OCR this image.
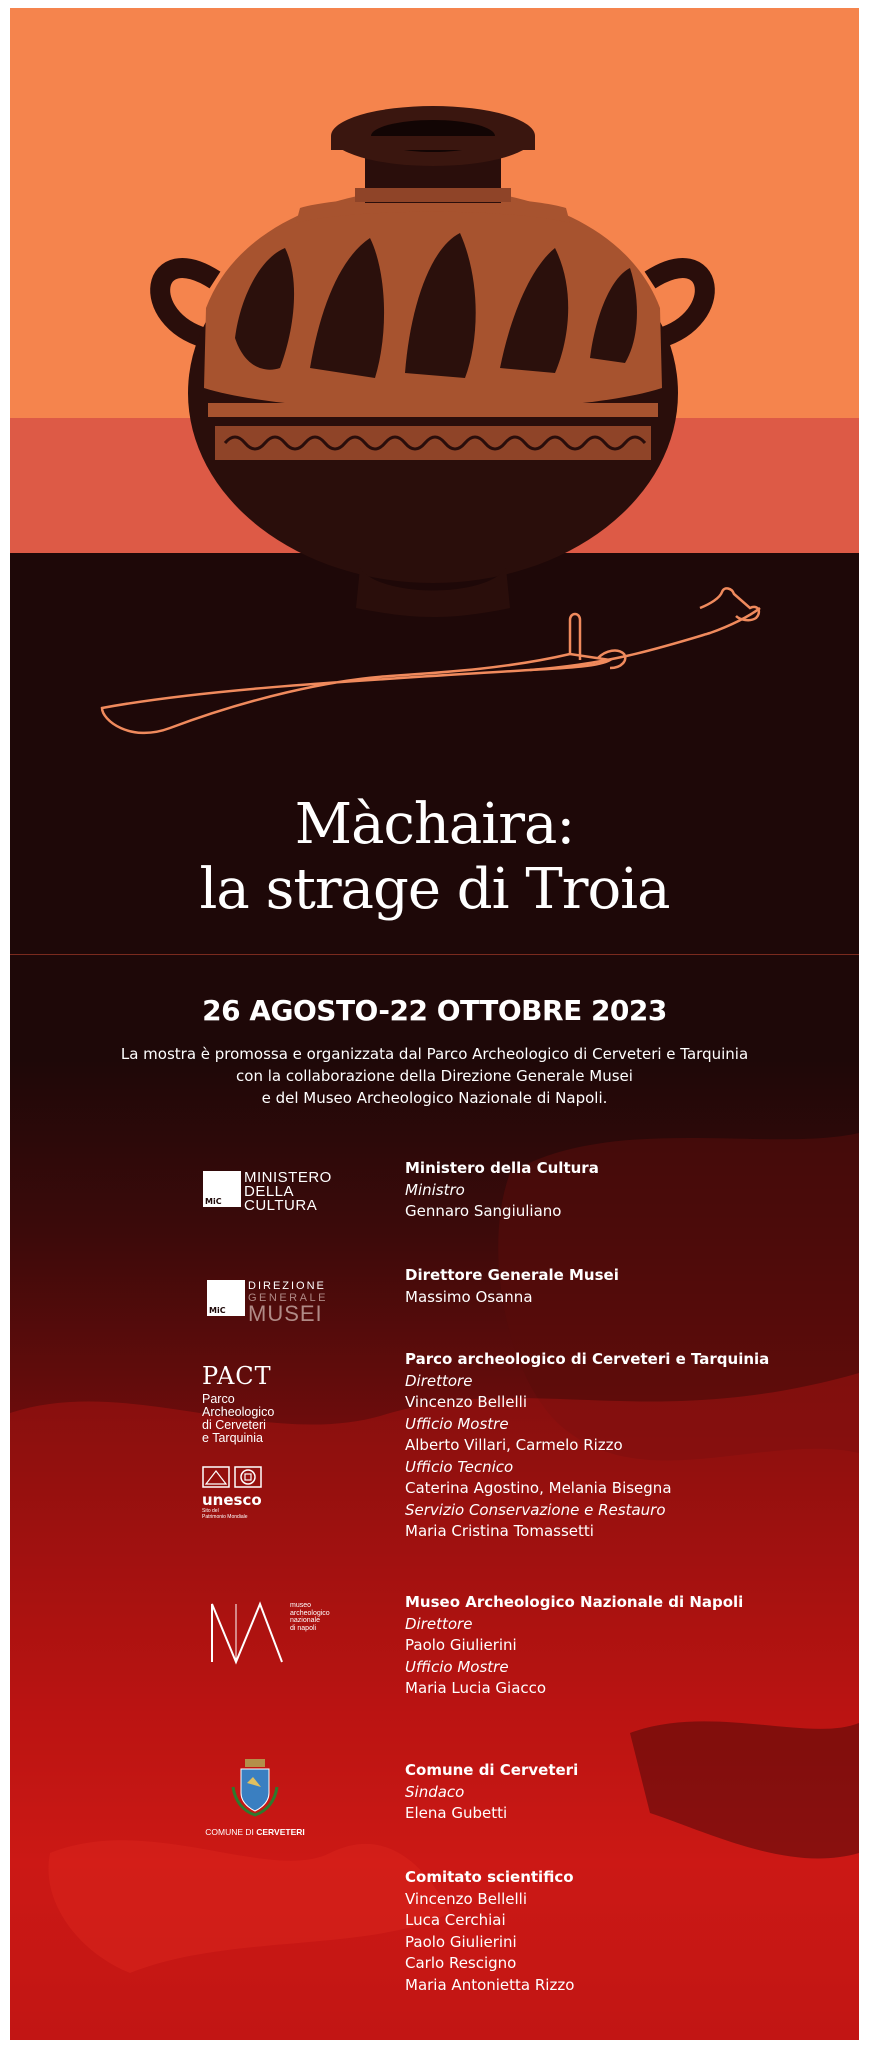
Màchaira:
la strage di Troia
26 AGOSTO-22 OTTOBRE 2023
La mostra è promossa e organizzata dal Parco Archeologico di Cerveteri e Tarquinia
con la collaborazione della Direzione Generale Musei
e del Museo Archeologico Nazionale di Napoli.
MiC
MINISTERO
DELLA
CULTURA
MiC
DIREZIONE
GENERALE
MUSEI
PACT
Parco
Archeologico
di Cerveteri
e Tarquinia
unesco
Sito del
Patrimonio Mondiale
museo
archeologico
nazionale
di napoli
COMUNE DI CERVETERI
Ministero della Cultura
Ministro
Gennaro Sangiuliano
Direttore Generale Musei
Massimo Osanna
Parco archeologico di Cerveteri e Tarquinia
Direttore
Vincenzo Bellelli
Ufficio Mostre
Alberto Villari, Carmelo Rizzo
Ufficio Tecnico
Caterina Agostino, Melania Bisegna
Servizio Conservazione e Restauro
Maria Cristina Tomassetti
Museo Archeologico Nazionale di Napoli
Direttore
Paolo Giulierini
Ufficio Mostre
Maria Lucia Giacco
Comune di Cerveteri
Sindaco
Elena Gubetti
Comitato scientifico
Vincenzo Bellelli
Luca Cerchiai
Paolo Giulierini
Carlo Rescigno
Maria Antonietta Rizzo
